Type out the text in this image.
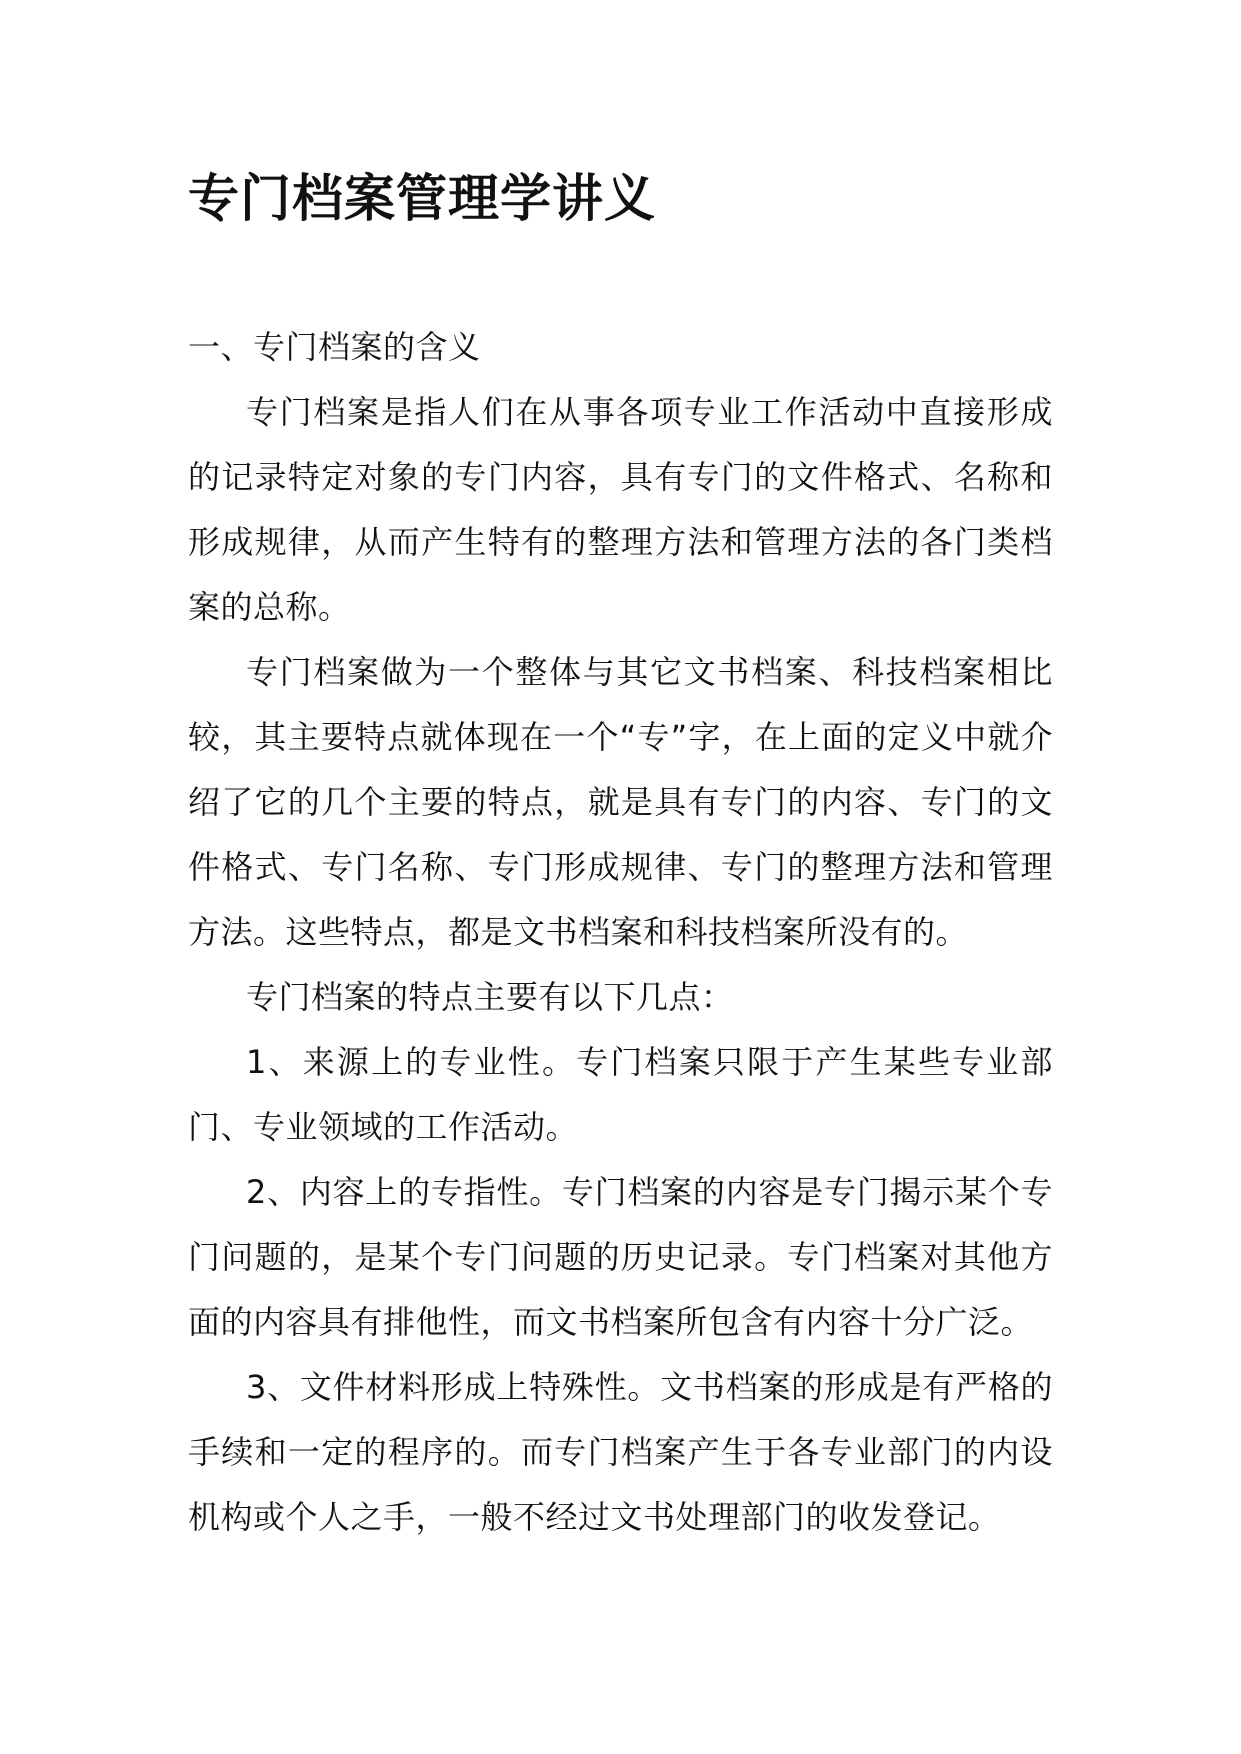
专门档案管理学讲义

一、专门档案的含义

专门档案是指人们在从事各项专业工作活动中直接形成的记录特定对象的专门内容，具有专门的文件格式、名称和形成规律，从而产生特有的整理方法和管理方法的各门类档案的总称。

专门档案做为一个整体与其它文书档案、科技档案相比较，其主要特点就体现在一个“专”字，在上面的定义中就介绍了它的几个主要的特点，就是具有专门的内容、专门的文件格式、专门名称、专门形成规律、专门的整理方法和管理方法。这些特点，都是文书档案和科技档案所没有的。

专门档案的特点主要有以下几点：

1、来源上的专业性。专门档案只限于产生某些专业部门、专业领域的工作活动。

2、内容上的专指性。专门档案的内容是专门揭示某个专门问题的，是某个专门问题的历史记录。专门档案对其他方面的内容具有排他性，而文书档案所包含有内容十分广泛。

3、文件材料形成上特殊性。文书档案的形成是有严格的手续和一定的程序的。而专门档案产生于各专业部门的内设机构或个人之手，一般不经过文书处理部门的收发登记。
